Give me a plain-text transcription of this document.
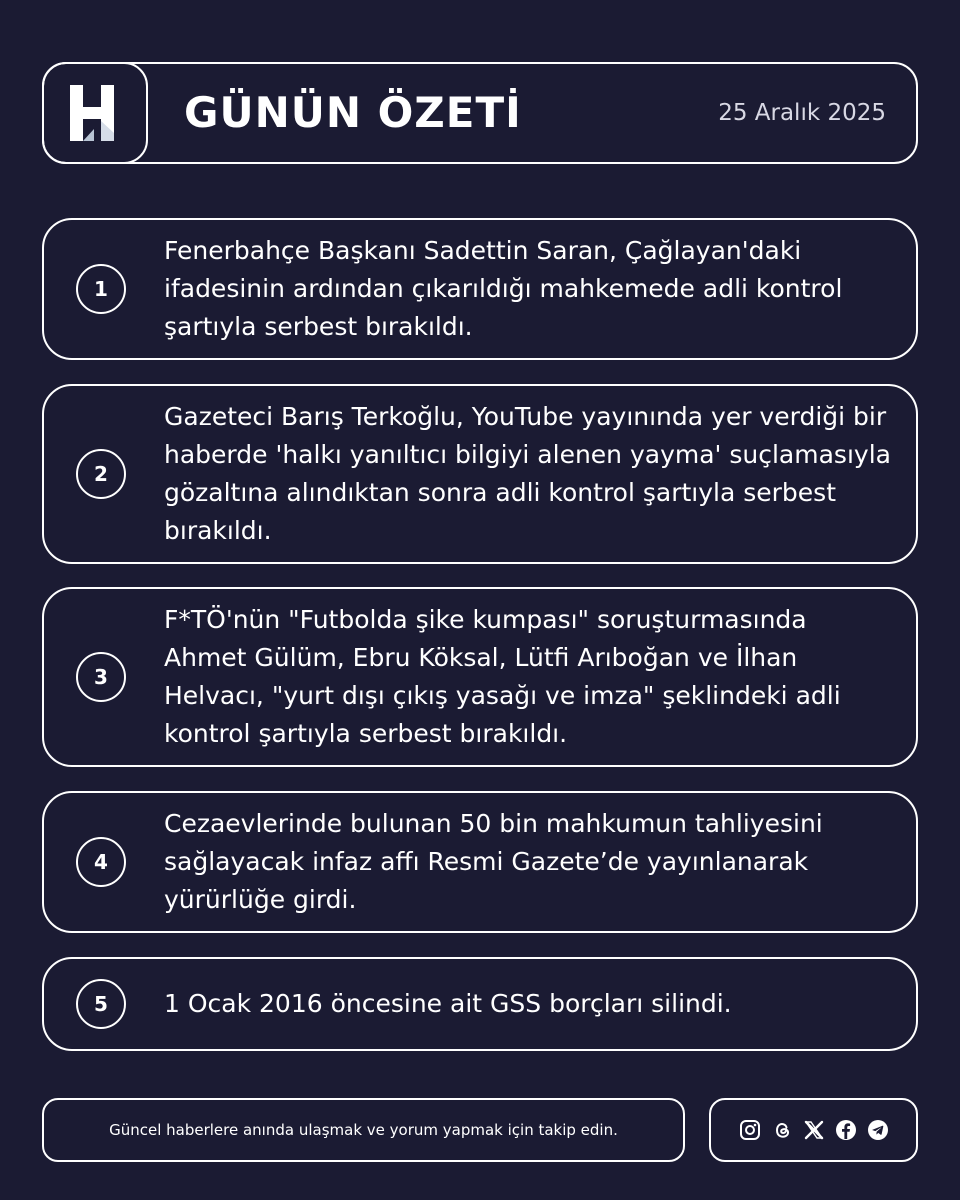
GÜNÜN ÖZETİ	25 Aralık 2025
1
Fenerbahçe Başkanı Sadettin Saran, Çağlayan'daki ifadesinin ardından çıkarıldığı mahkemede adli kontrol şartıyla serbest bırakıldı.
2
Gazeteci Barış Terkoğlu, YouTube yayınında yer verdiği bir haberde 'halkı yanıltıcı bilgiyi alenen yayma' suçlamasıyla gözaltına alındıktan sonra adli kontrol şartıyla serbest bırakıldı.
3
F*TÖ'nün "Futbolda şike kumpası" soruşturmasında Ahmet Gülüm, Ebru Köksal, Lütfi Arıboğan ve İlhan Helvacı, "yurt dışı çıkış yasağı ve imza" şeklindeki adli kontrol şartıyla serbest bırakıldı.
4
Cezaevlerinde bulunan 50 bin mahkumun tahliyesini sağlayacak infaz affı Resmi Gazete’de yayınlanarak yürürlüğe girdi.
5	1 Ocak 2016 öncesine ait GSS borçları silindi.
Güncel haberlere anında ulaşmak ve yorum yapmak için takip edin.
